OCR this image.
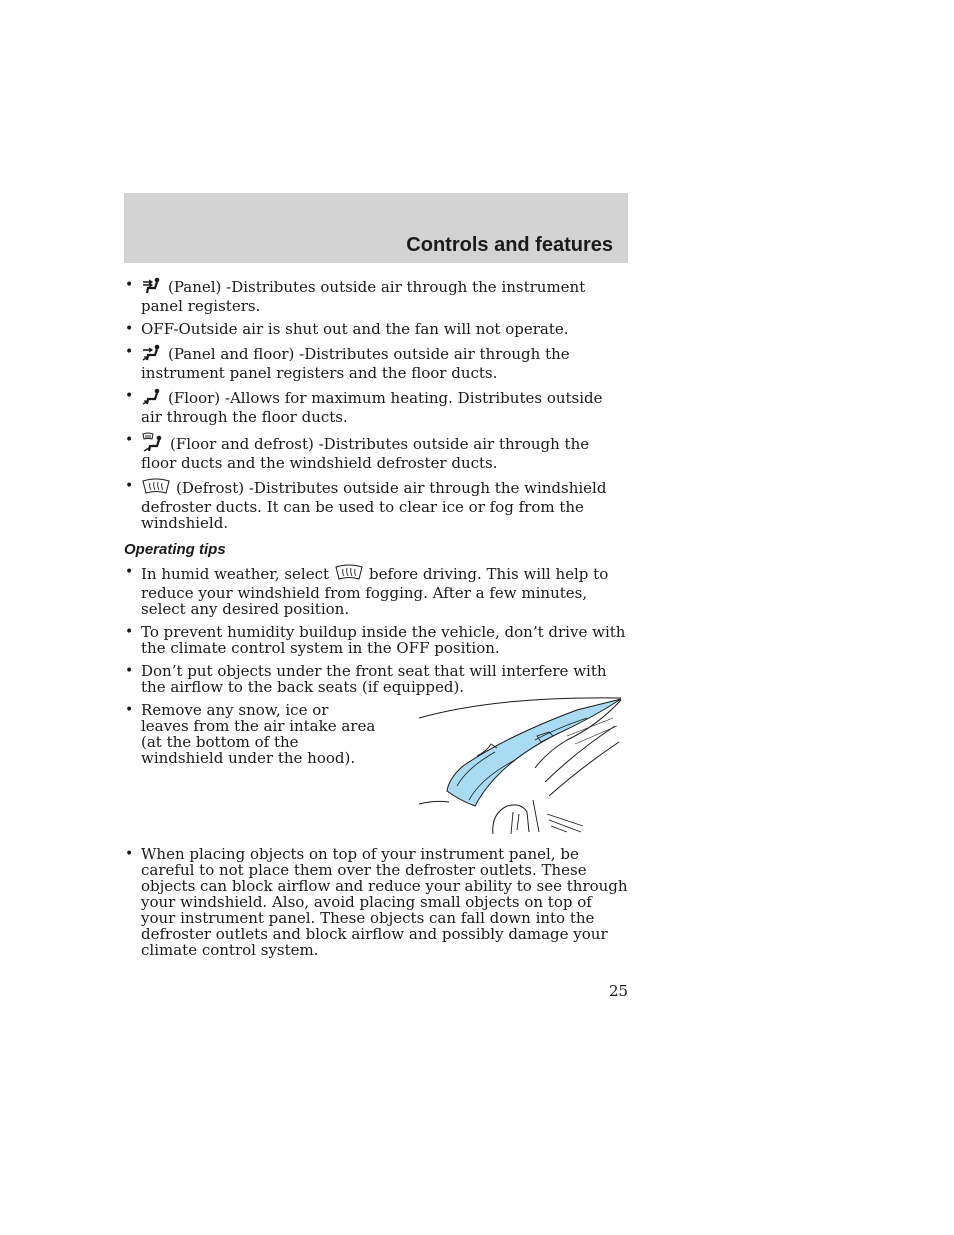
Controls and features
• (Panel) -Distributes outside air through the instrument panel registers.
• OFF-Outside air is shut out and the fan will not operate.
• (Panel and floor) -Distributes outside air through the instrument panel registers and the floor ducts.
• (Floor) -Allows for maximum heating. Distributes outside air through the floor ducts.
• (Floor and defrost) -Distributes outside air through the floor ducts and the windshield defroster ducts.
• (Defrost) -Distributes outside air through the windshield defroster ducts. It can be used to clear ice or fog from the windshield.
Operating tips
• In humid weather, select	before driving. This will help to reduce your windshield from fogging. After a few minutes, select any desired position.
• To prevent humidity buildup inside the vehicle, don’t drive with the climate control system in the OFF position.
• Don’t put objects under the front seat that will interfere with the airflow to the back seats (if equipped).
• Remove any snow, ice or leaves from the air intake area (at the bottom of the windshield under the hood).
• When placing objects on top of your instrument panel, be careful to not place them over the defroster outlets. These objects can block airflow and reduce your ability to see through your windshield. Also, avoid placing small objects on top of your instrument panel. These objects can fall down into the defroster outlets and block airflow and possibly damage your climate control system.

25
